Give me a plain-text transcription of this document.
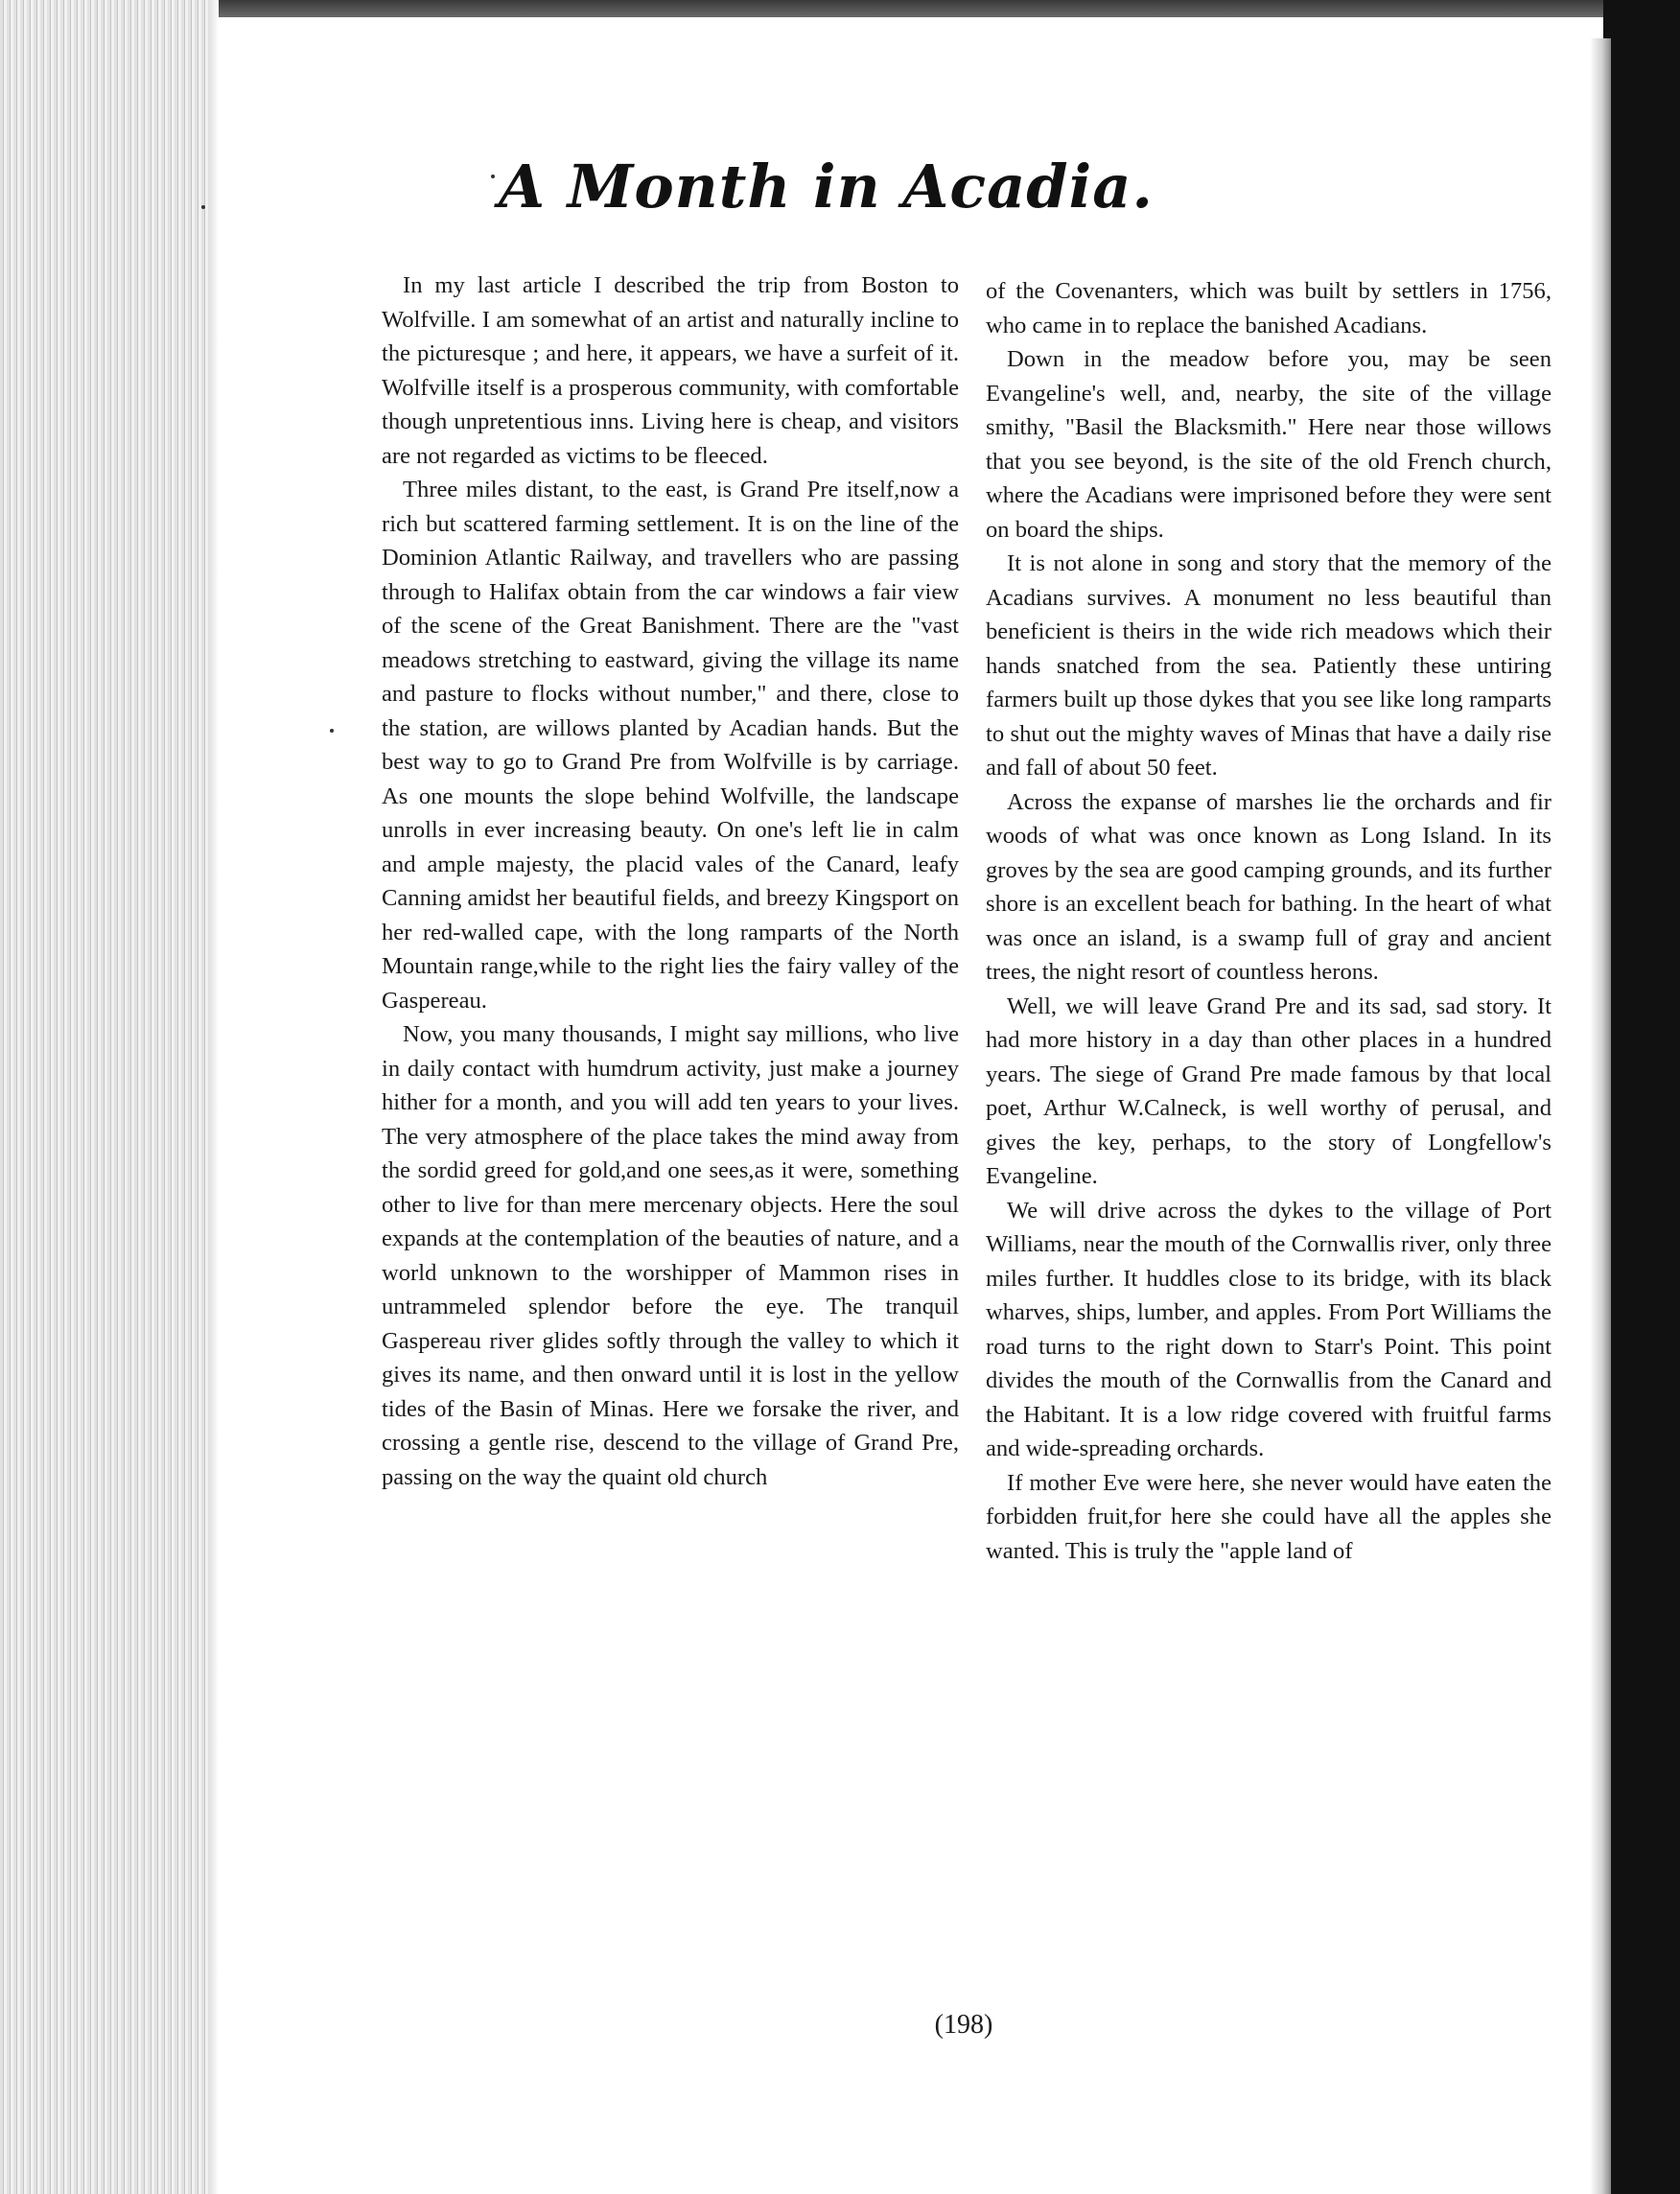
A Month in Acadia.

In my last article I described the trip from Boston to Wolfville. I am somewhat of an artist and naturally incline to the picturesque ; and here, it appears, we have a surfeit of it. Wolfville itself is a prosperous community, with comfortable though unpretentious inns. Living here is cheap, and visitors are not regarded as victims to be fleeced.

Three miles distant, to the east, is Grand Pre itself,now a rich but scattered farming settlement. It is on the line of the Dominion Atlantic Railway, and travellers who are passing through to Halifax obtain from the car windows a fair view of the scene of the Great Banishment. There are the "vast meadows stretching to eastward, giving the village its name and pasture to flocks without number," and there, close to the station, are willows planted by Acadian hands. But the best way to go to Grand Pre from Wolfville is by carriage. As one mounts the slope behind Wolfville, the landscape unrolls in ever increasing beauty. On one's left lie in calm and ample majesty, the placid vales of the Canard, leafy Canning amidst her beautiful fields, and breezy Kingsport on her red-walled cape, with the long ramparts of the North Mountain range,while to the right lies the fairy valley of the Gaspereau.

Now, you many thousands, I might say millions, who live in daily contact with humdrum activity, just make a journey hither for a month, and you will add ten years to your lives. The very atmosphere of the place takes the mind away from the sordid greed for gold,and one sees,as it were, something other to live for than mere mercenary objects. Here the soul expands at the contemplation of the beauties of nature, and a world unknown to the worshipper of Mammon rises in untrammeled splendor before the eye. The tranquil Gaspereau river glides softly through the valley to which it gives its name, and then onward until it is lost in the yellow tides of the Basin of Minas. Here we forsake the river, and crossing a gentle rise, descend to the village of Grand Pre, passing on the way the quaint old church

of the Covenanters, which was built by settlers in 1756, who came in to replace the banished Acadians.

Down in the meadow before you, may be seen Evangeline's well, and, nearby, the site of the village smithy, "Basil the Blacksmith." Here near those willows that you see beyond, is the site of the old French church, where the Acadians were imprisoned before they were sent on board the ships.

It is not alone in song and story that the memory of the Acadians survives. A monument no less beautiful than beneficient is theirs in the wide rich meadows which their hands snatched from the sea. Patiently these untiring farmers built up those dykes that you see like long ramparts to shut out the mighty waves of Minas that have a daily rise and fall of about 50 feet.

Across the expanse of marshes lie the orchards and fir woods of what was once known as Long Island. In its groves by the sea are good camping grounds, and its further shore is an excellent beach for bathing. In the heart of what was once an island, is a swamp full of gray and ancient trees, the night resort of countless herons.

Well, we will leave Grand Pre and its sad, sad story. It had more history in a day than other places in a hundred years. The siege of Grand Pre made famous by that local poet, Arthur W.Calneck, is well worthy of perusal, and gives the key, perhaps, to the story of Longfellow's Evangeline.

We will drive across the dykes to the village of Port Williams, near the mouth of the Cornwallis river, only three miles further. It huddles close to its bridge, with its black wharves, ships, lumber, and apples. From Port Williams the road turns to the right down to Starr's Point. This point divides the mouth of the Cornwallis from the Canard and the Habitant. It is a low ridge covered with fruitful farms and wide-spreading orchards.

If mother Eve were here, she never would have eaten the forbidden fruit,for here she could have all the apples she wanted. This is truly the "apple land of

(198)
